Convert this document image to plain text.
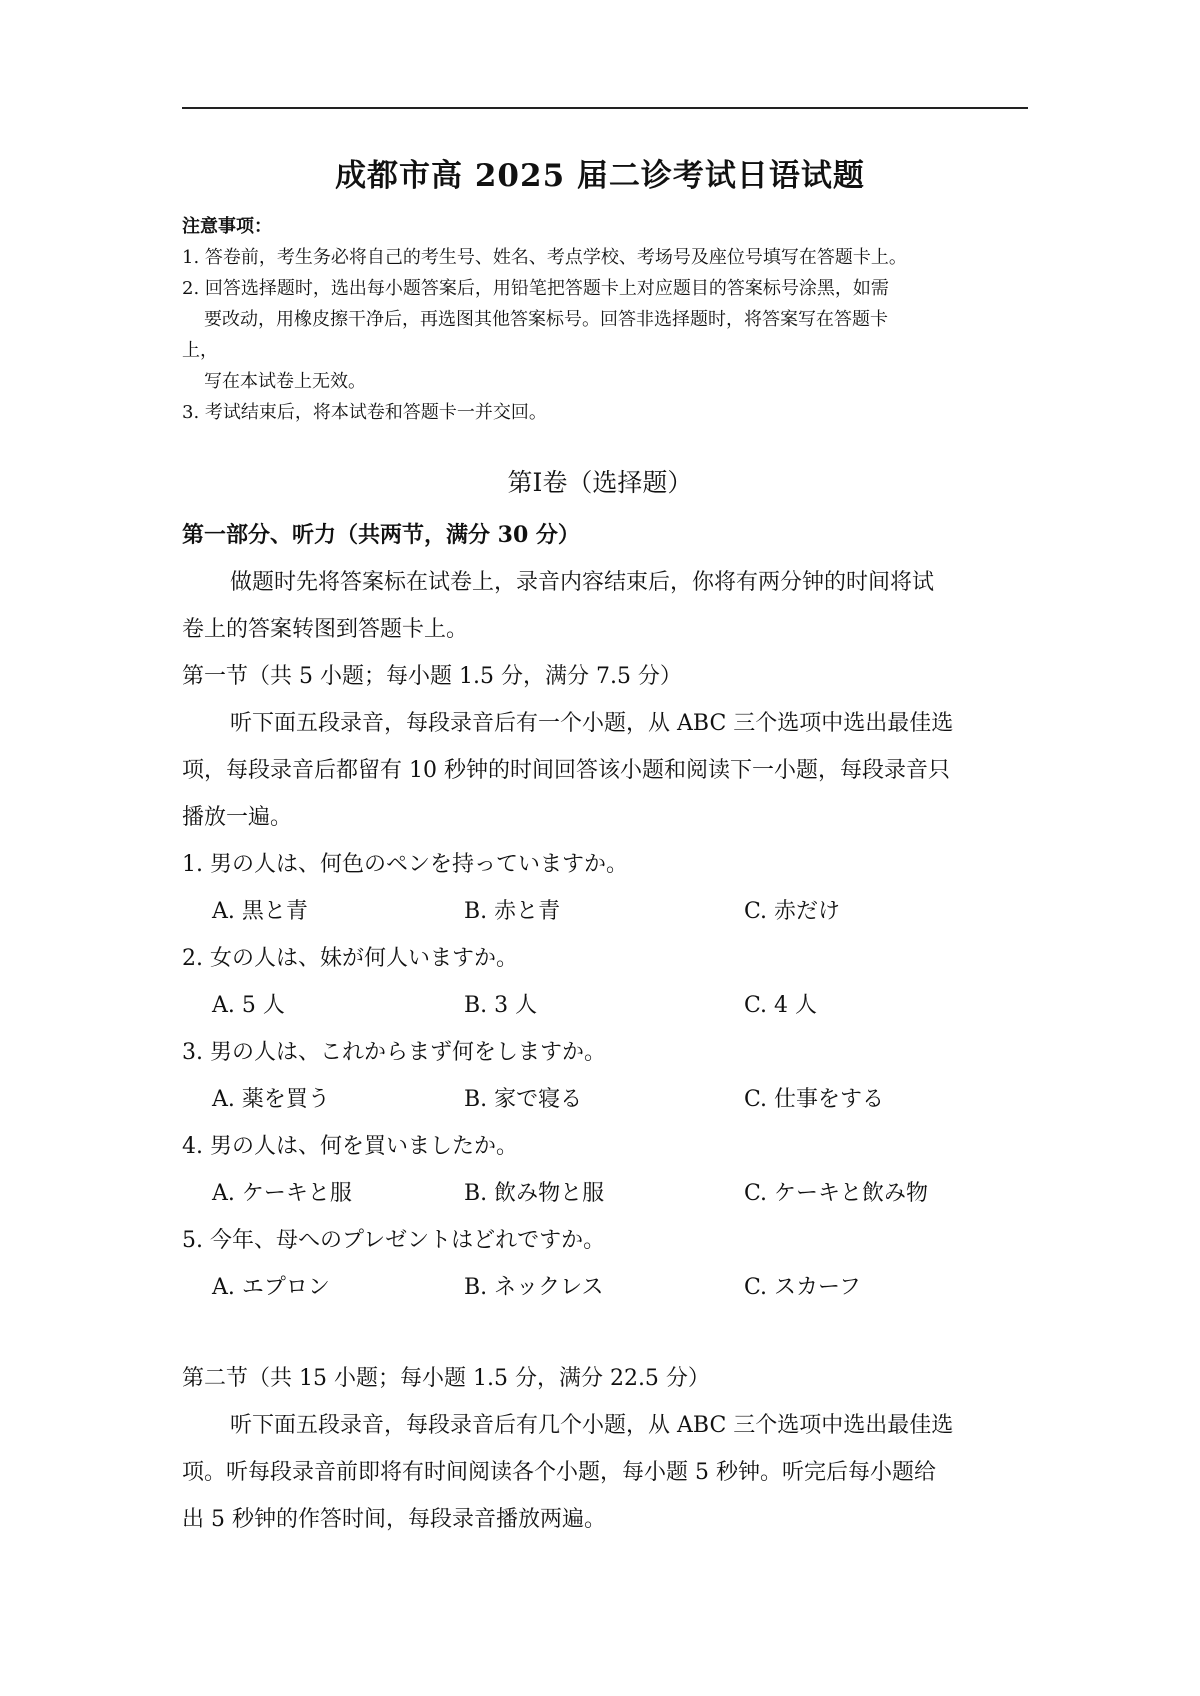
成都市高 2025 届二诊考试日语试题
注意事项：
1. 答卷前，考生务必将自己的考生号、姓名、考点学校、考场号及座位号填写在答题卡上。
2. 回答选择题时，选出每小题答案后，用铅笔把答题卡上对应题目的答案标号涂黑，如需
要改动，用橡皮擦干净后，再选图其他答案标号。回答非选择题时，将答案写在答题卡
上，
写在本试卷上无效。
3. 考试结束后，将本试卷和答题卡一并交回。
第Ⅰ卷（选择题）
第一部分、听力（共两节，满分 30 分）
做题时先将答案标在试卷上，录音内容结束后，你将有两分钟的时间将试
卷上的答案转图到答题卡上。
第一节（共 5 小题；每小题 1.5 分，满分 7.5 分）
听下面五段录音，每段录音后有一个小题，从 ABC 三个选项中选出最佳选
项，每段录音后都留有 10 秒钟的时间回答该小题和阅读下一小题，每段录音只
播放一遍。
1. 男の人は、何色のペンを持っていますか。
A. 黒と青	B. 赤と青	C. 赤だけ
2. 女の人は、妹が何人いますか。
A. 5 人	B. 3 人	C. 4 人
3. 男の人は、これからまず何をしますか。
A. 薬を買う	B. 家で寝る	C. 仕事をする
4. 男の人は、何を買いましたか。
A. ケーキと服	B. 飲み物と服	C. ケーキと飲み物
5. 今年、母へのプレゼントはどれですか。
A. エプロン	B. ネックレス	C. スカーフ
第二节（共 15 小题；每小题 1.5 分，满分 22.5 分）
听下面五段录音，每段录音后有几个小题，从 ABC 三个选项中选出最佳选
项。听每段录音前即将有时间阅读各个小题，每小题 5 秒钟。听完后每小题给
出 5 秒钟的作答时间，每段录音播放两遍。
